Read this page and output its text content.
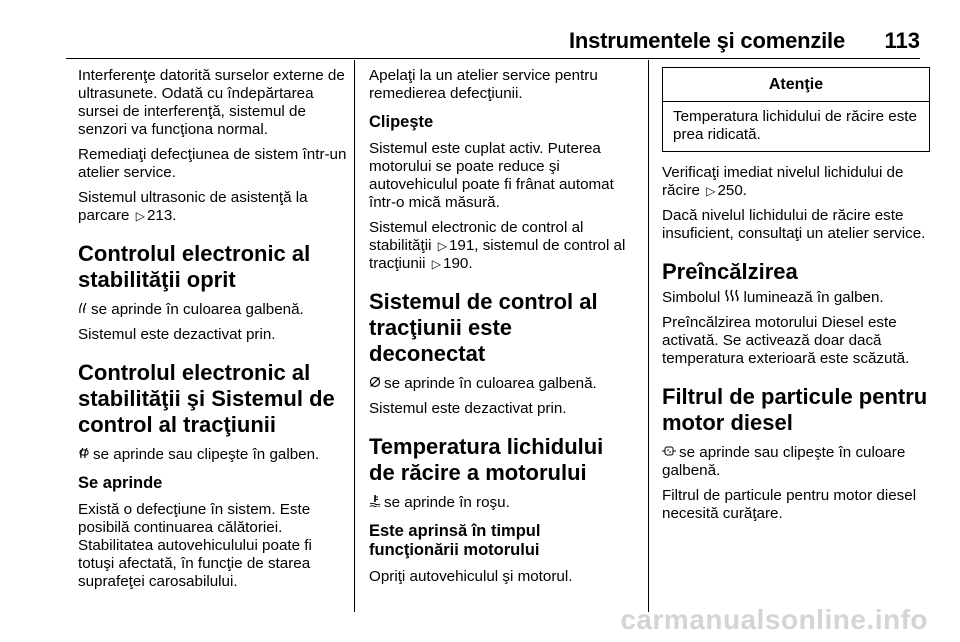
Instrumentele şi comenzile 113

Interferenţe datorită surselor externe de ultrasunete. Odată cu îndepărtarea sursei de interferenţă, sistemul de senzori va funcţiona normal.

Remediaţi defecţiunea de sistem într-un atelier service.

Sistemul ultrasonic de asistenţă la parcare ▷ 213.

Controlul electronic al stabilităţii oprit

o se aprinde în culoarea galbenă.

Sistemul este dezactivat prin.

Controlul electronic al stabilităţii şi Sistemul de control al tracţiunii

se aprinde sau clipeşte în galben.

Se aprinde

Există o defecţiune în sistem. Este posibilă continuarea călătoriei. Stabilitatea autovehiculului poate fi totuşi afectată, în funcţie de starea suprafeţei carosabilului.

Apelaţi la un atelier service pentru remedierea defecţiunii.

Clipeşte

Sistemul este cuplat activ. Puterea motorului se poate reduce şi autovehiculul poate fi frânat automat într-o mică măsură.

Sistemul electronic de control al stabilităţii ▷ 191, sistemul de control al tracţiunii ▷ 190.

Sistemul de control al tracţiunii este deconectat

se aprinde în culoarea galbenă.

Sistemul este dezactivat prin.

Temperatura lichidului de răcire a motorului

se aprinde în roşu.

Este aprinsă în timpul funcţionării motorului

Opriţi autovehiculul şi motorul.

Atenţie
Temperatura lichidului de răcire este prea ridicată.

Verificaţi imediat nivelul lichidului de răcire ▷ 250.

Dacă nivelul lichidului de răcire este insuficient, consultaţi un atelier service.

Preîncălzirea

Simbolul luminează în galben.

Preîncălzirea motorului Diesel este activată. Se activează doar dacă temperatura exterioară este scăzută.

Filtrul de particule pentru motor diesel

se aprinde sau clipeşte în culoare galbenă.

Filtrul de particule pentru motor diesel necesită curăţare.

carmanualsonline.info
